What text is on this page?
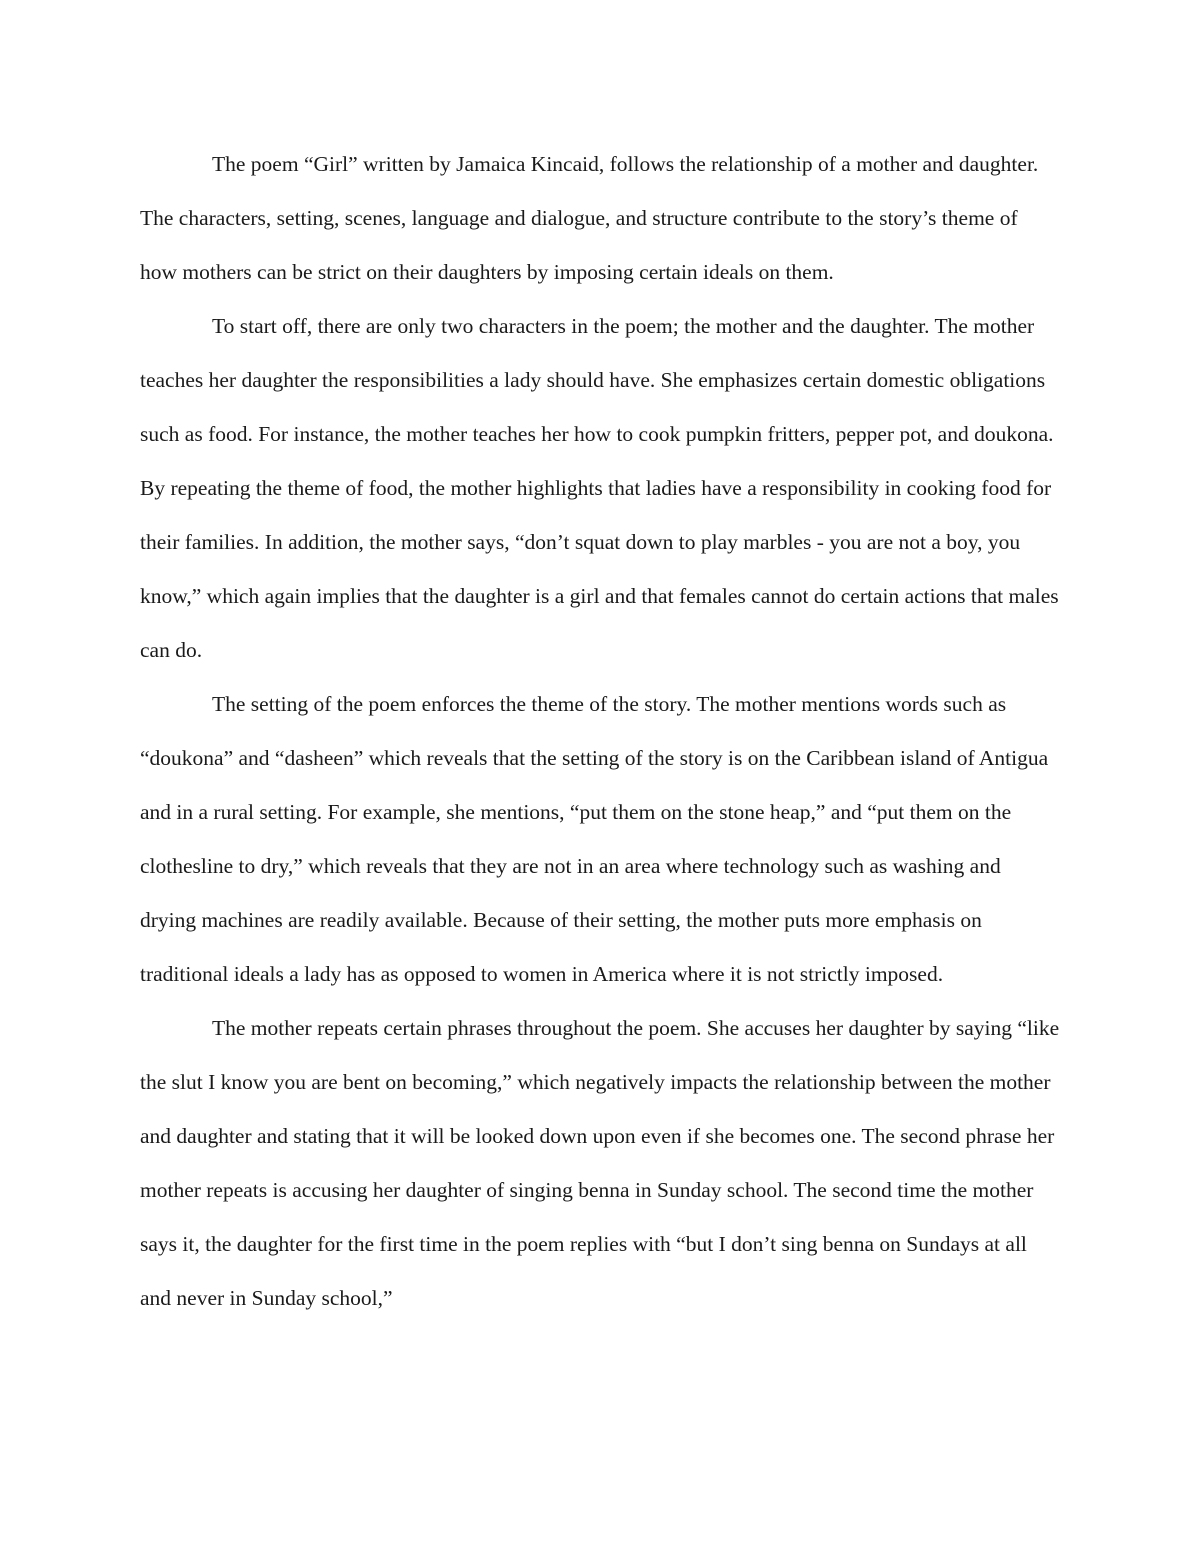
The poem “Girl” written by Jamaica Kincaid, follows the relationship of a mother and daughter. The characters, setting, scenes, language and dialogue, and structure contribute to the story’s theme of how mothers can be strict on their daughters by imposing certain ideals on them.

To start off, there are only two characters in the poem; the mother and the daughter. The mother teaches her daughter the responsibilities a lady should have. She emphasizes certain domestic obligations such as food. For instance, the mother teaches her how to cook pumpkin fritters, pepper pot, and doukona. By repeating the theme of food, the mother highlights that ladies have a responsibility in cooking food for their families. In addition, the mother says, “don’t squat down to play marbles - you are not a boy, you know,” which again implies that the daughter is a girl and that females cannot do certain actions that males can do.

The setting of the poem enforces the theme of the story. The mother mentions words such as “doukona” and “dasheen” which reveals that the setting of the story is on the Caribbean island of Antigua and in a rural setting. For example, she mentions, “put them on the stone heap,” and “put them on the clothesline to dry,” which reveals that they are not in an area where technology such as washing and drying machines are readily available. Because of their setting, the mother puts more emphasis on traditional ideals a lady has as opposed to women in America where it is not strictly imposed.

The mother repeats certain phrases throughout the poem. She accuses her daughter by saying “like the slut I know you are bent on becoming,” which negatively impacts the relationship between the mother and daughter and stating that it will be looked down upon even if she becomes one. The second phrase her mother repeats is accusing her daughter of singing benna in Sunday school. The second time the mother says it, the daughter for the first time in the poem replies with “but I don’t sing benna on Sundays at all and never in Sunday school,”
